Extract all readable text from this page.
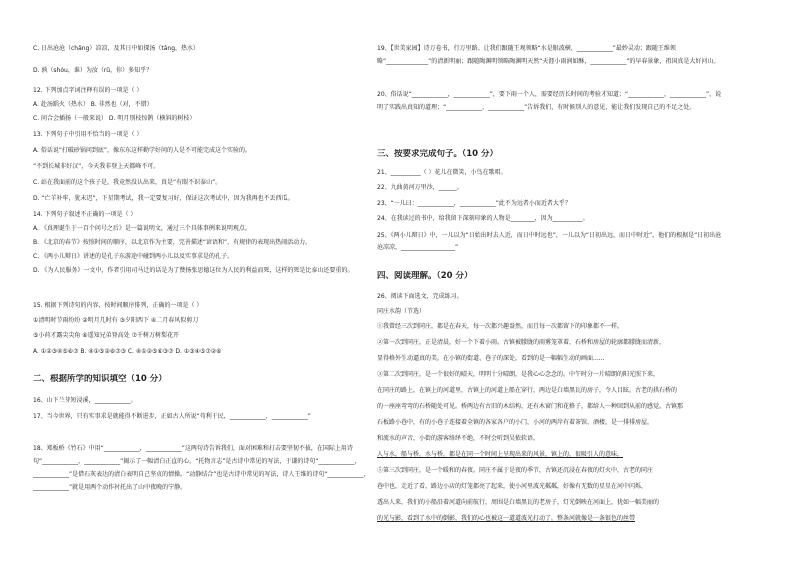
C. 日出沧沧（chǎng）凉凉，及其日中如探汤（tāng，热水）
D. 孰（shóu，谁）为汝（rǔ，你）多知乎？
12. 下列加点字词注释有误的一项是（ ）
A. 赴汤蹈火（热水） B. 非然也（对，不错）
C. 问合会插扬（一般来说） D. 明月别枝惊鹊（横斜的树枝）
13. 下列句子中引用不恰当的一项是（ ）
A. 俗话说“打破砂锅问到底”，像东东这样勤学好问的人是不可能完成这个实验的。
“不到长城非好汉”，今天我非登上天都峰不可。
C. 站在我面前的这个孩子是，我竟然没认出来，真是“有眼不识泰山”。
D. “亡羊补牢，犹未迟”，下星期考试，我一定要复习好，保证这次考试中，因为我再也不丢西瓜。
14. 下列句子叙述不正确的一项是（ ）
A. 《真理诞生于一百个问号之后》是一篇说明文，通过三个具体事例来说明观点。
B. 《北京的春节》按照时间的顺序，以北京作为主要，完善描述“谚语和”，有规律的表现出热闹活动力。
C. 《两小儿辩日》讲述的是孔子东游途中碰到两小儿以及实事求是的孔子。
D. 《为人民服务》一文中，作者引用司马迁的话是为了赞扬张思德这位为人民的利益而死，这样的死是比泰山还要重的。
15. 根据下列诗句的内容，按时间顺序排列，正确的一项是（ ）
①清明时节雨纷纷 ②明月几时有 ③夕阳西下 ④二月春风似剪刀
⑤小荷才露尖尖角 ⑥遥知兄弟登高处 ⑦千树万树梨花开
A. ①②③④⑤⑥⑦ B. ④①⑤②⑥⑦③ C. ④①②⑤⑥③⑦ D. ①③④⑤⑦②⑥
二、根据所学的知识填空（10 分）
16、山下兰芽短浸溪，____________。
17、当今世界，只有实事求是就能得不断进步，正如古人所说“苟利于民，____________，____________”
18、郑板桥《竹石》中用“____________，____________”这两句诗告诉我们，面对困难和打击要坚韧不拔，在国际上用诗句“____________，____________”揭示了一幅清白正直的心。“托物言志”是古诗中常见的写法，于谦的诗句“____________，____________”是借石灰表达的清白表明自己坚贞的情操。“动静结合”也是古诗中常见的写法，诗人王维的诗句“____________，____________”就是用两个动作衬托出了山中夜晚的宁静。
19、【世美家园】诗万卷书，行万里路。让我们跟随王观领略“水是眼波横，____________”最妙灵动；跟随王维领略“______________”的清新明丽；跟随陶渊明领略陶渊明天然“天涯小雨润如酥，____________”的早春景象，祖国真是大好河山。
20、俗话说“____________，____________”，要下雨一个人，需要经历长时间的考验才知道；“____________，____________”，说明了实践出真知的道理；“____________，____________”告诉我们，有时候别人的意见，能让我们发现自己的不足之处。
三、按要求完成句子。（10 分）
21、__________（ ）花儿在微笑，小鸟在歌唱。
22、九曲黄河万里沙，______。
23、“一儿曰：____________，____________”此不为远者小而近者大乎？
24、在我读过的书中，给我留下深刻印象的人物是________，因为__________。
25、《两小儿辩日》中，一儿以为“日始出时去人近，而日中时远也”，一儿以为“日初出远，而日中时近”，他们的根据是“日初出沧沧凉凉，__________________”
四、阅读理解。（20 分）
26、阅读下面选文，完成练习。
同庄水韵（节选）
①我曾经三次到同庄，都是在春天，每一次都兴趣盎然，而且每一次都留下的印象都不一样。
②第一次到同庄，正是清晨，好一个下着小雨。古镇被朦胧的雨雾笼罩着，石桥和房屋的轮廓都朦胧而清新，
显得格外生动逼真的美。在小镇的街道、巷子的深处，看到的是一幅幅生动的画面......
③第二次到同庄，是一个很好的晴天，明明十分晴朗，是我心心念念的。中午时分一片晴朗的阳光照下来，
在同庄的路上，在镇上的河道里，古镇上的河道上船在穿行，两边是白墙黑瓦的房子，令人目眩。古老的拱石桥的
的一座座弯弯的石桥随处可见。桥两边有古旧的木结构，还有木窗门和花格子，都给人一种回到从前的感觉。古镇那
石板路小巷中，有的小巷子连接着全镇的各家各户的小门，小河的两岸有着茶馆、酒楼，是一排排房屋，
和流水的声音，小街的游客络绎不绝，不时会听到吴侬软语。
人与水，船与桥，水与桥，都是在同一个时间上呈现出来的风景，镇上的，很吸引人的意味。
⑤第三次到同庄，是一个暖和的春夜。同庄不属于是夜的季节，古镇还沉浸在春夜的灯火中，古老的同庄
巷中也，走近了看，路边小店的灯笼都亮了起来，使小河里波光粼粼，好像有无数的星星在河中闪烁，
透出人来，我们的小船沿着河道向前航行，周围是白墙黑瓦的老房子，灯光倒映在河面上，犹如一幅美丽的
的光与影，看到了水中的倒影，我们的心也被这一道道波光打动了，整条河就像是一条银色的丝带
